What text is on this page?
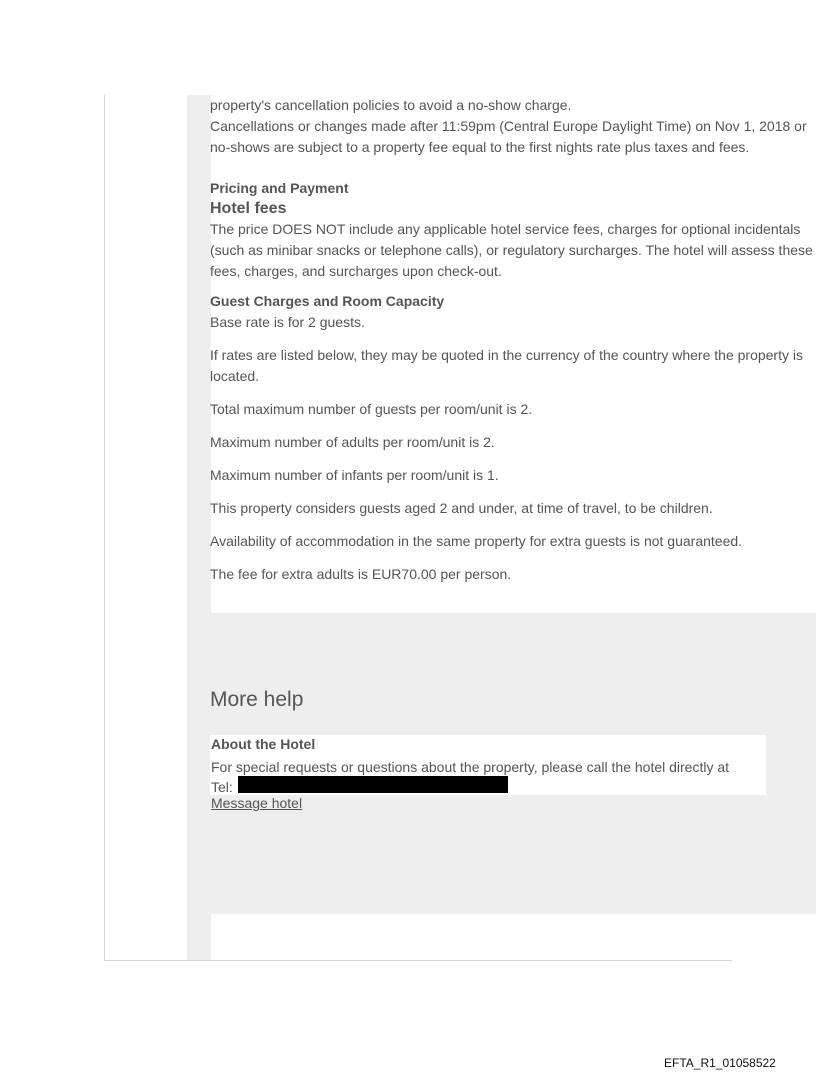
property's cancellation policies to avoid a no-show charge.

Cancellations or changes made after 11:59pm (Central Europe Daylight Time) on Nov 1, 2018 or no-shows are subject to a property fee equal to the first nights rate plus taxes and fees.

Pricing and Payment

Hotel fees

The price DOES NOT include any applicable hotel service fees, charges for optional incidentals (such as minibar snacks or telephone calls), or regulatory surcharges. The hotel will assess these fees, charges, and surcharges upon check-out.

Guest Charges and Room Capacity

Base rate is for 2 guests.

If rates are listed below, they may be quoted in the currency of the country where the property is located.

Total maximum number of guests per room/unit is 2.

Maximum number of adults per room/unit is 2.

Maximum number of infants per room/unit is 1.

This property considers guests aged 2 and under, at time of travel, to be children.

Availability of accommodation in the same property for extra guests is not guaranteed.

The fee for extra adults is EUR70.00 per person.

More help
About the Hotel
For special requests or questions about the property, please call the hotel directly at
Tel:
Message hotel
EFTA_R1_01058522
